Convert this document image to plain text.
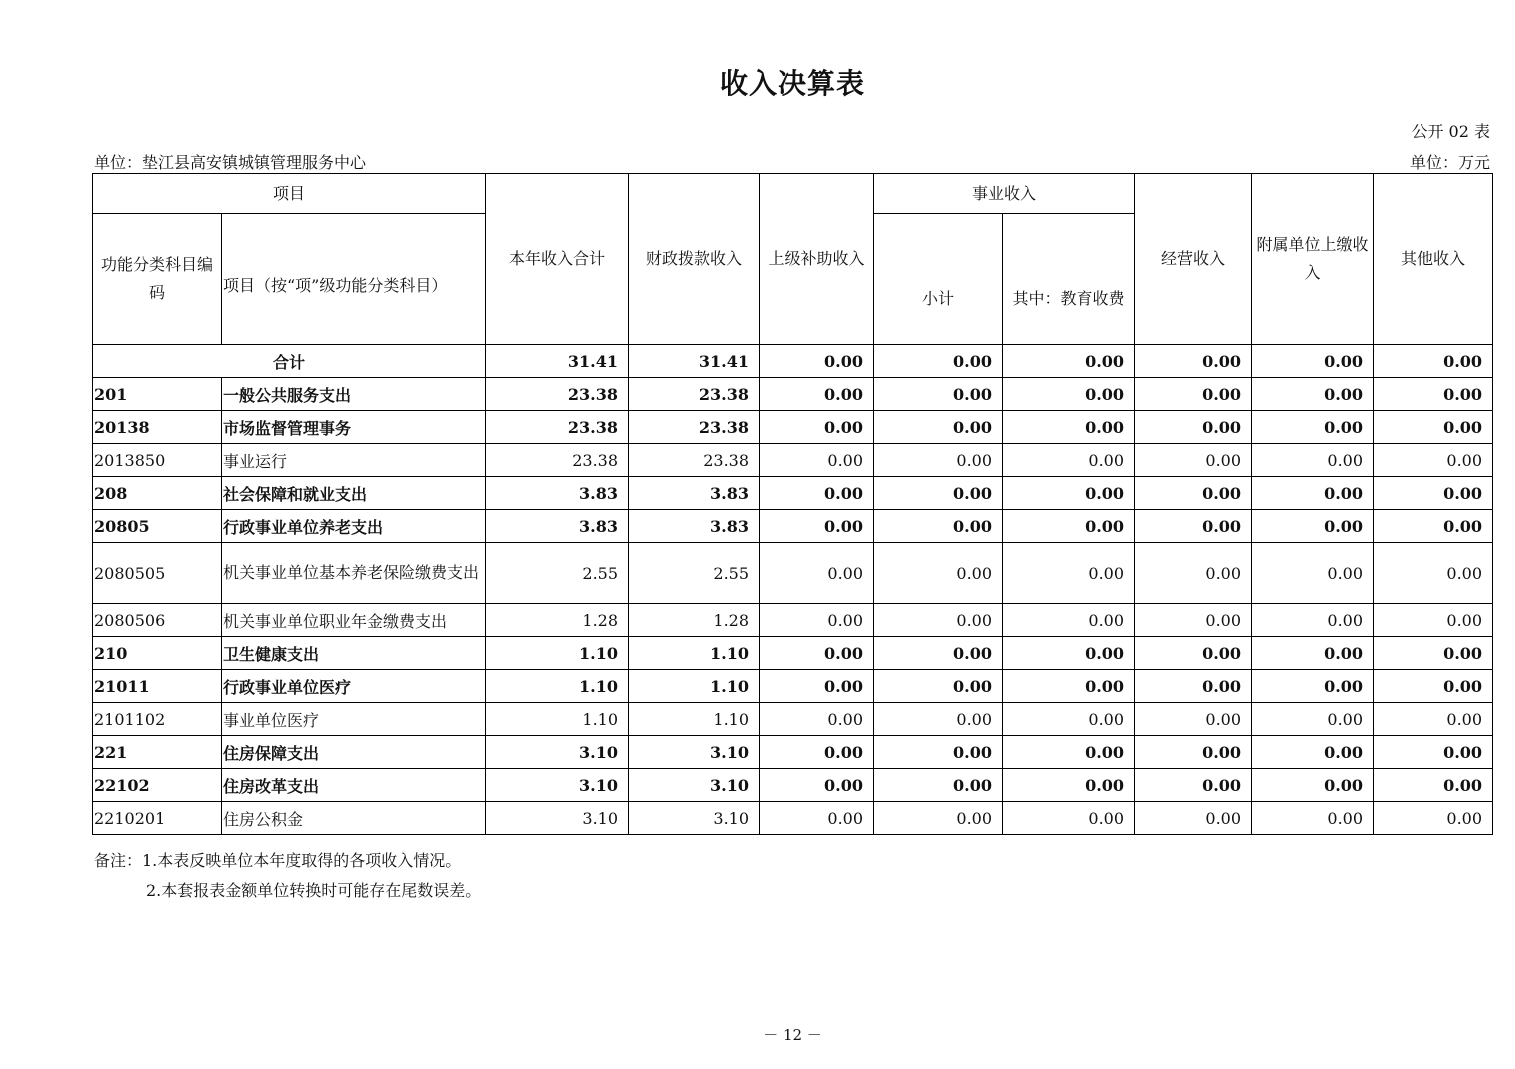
收入决算表
公开 02 表
单位：垫江县高安镇城镇管理服务中心	单位：万元
项目		本年收入合计	财政拨款收入	上级补助收入	事业收入		经营收入	附属单位上缴收入	其他收入
功能分类科目编码	项目（按“项”级功能分类科目）				小计	其中：教育收费			
合计		31.41	31.41	0.00	0.00	0.00	0.00	0.00	0.00
201	一般公共服务支出	23.38	23.38	0.00	0.00	0.00	0.00	0.00	0.00
20138	市场监督管理事务	23.38	23.38	0.00	0.00	0.00	0.00	0.00	0.00
2013850	事业运行	23.38	23.38	0.00	0.00	0.00	0.00	0.00	0.00
208	社会保障和就业支出	3.83	3.83	0.00	0.00	0.00	0.00	0.00	0.00
20805	行政事业单位养老支出	3.83	3.83	0.00	0.00	0.00	0.00	0.00	0.00
2080505	机关事业单位基本养老保险缴费支出	2.55	2.55	0.00	0.00	0.00	0.00	0.00	0.00
2080506	机关事业单位职业年金缴费支出	1.28	1.28	0.00	0.00	0.00	0.00	0.00	0.00
210	卫生健康支出	1.10	1.10	0.00	0.00	0.00	0.00	0.00	0.00
21011	行政事业单位医疗	1.10	1.10	0.00	0.00	0.00	0.00	0.00	0.00
2101102	事业单位医疗	1.10	1.10	0.00	0.00	0.00	0.00	0.00	0.00
221	住房保障支出	3.10	3.10	0.00	0.00	0.00	0.00	0.00	0.00
22102	住房改革支出	3.10	3.10	0.00	0.00	0.00	0.00	0.00	0.00
2210201	住房公积金	3.10	3.10	0.00	0.00	0.00	0.00	0.00	0.00
备注：1.本表反映单位本年度取得的各项收入情况。
2.本套报表金额单位转换时可能存在尾数误差。
－ 12 －
